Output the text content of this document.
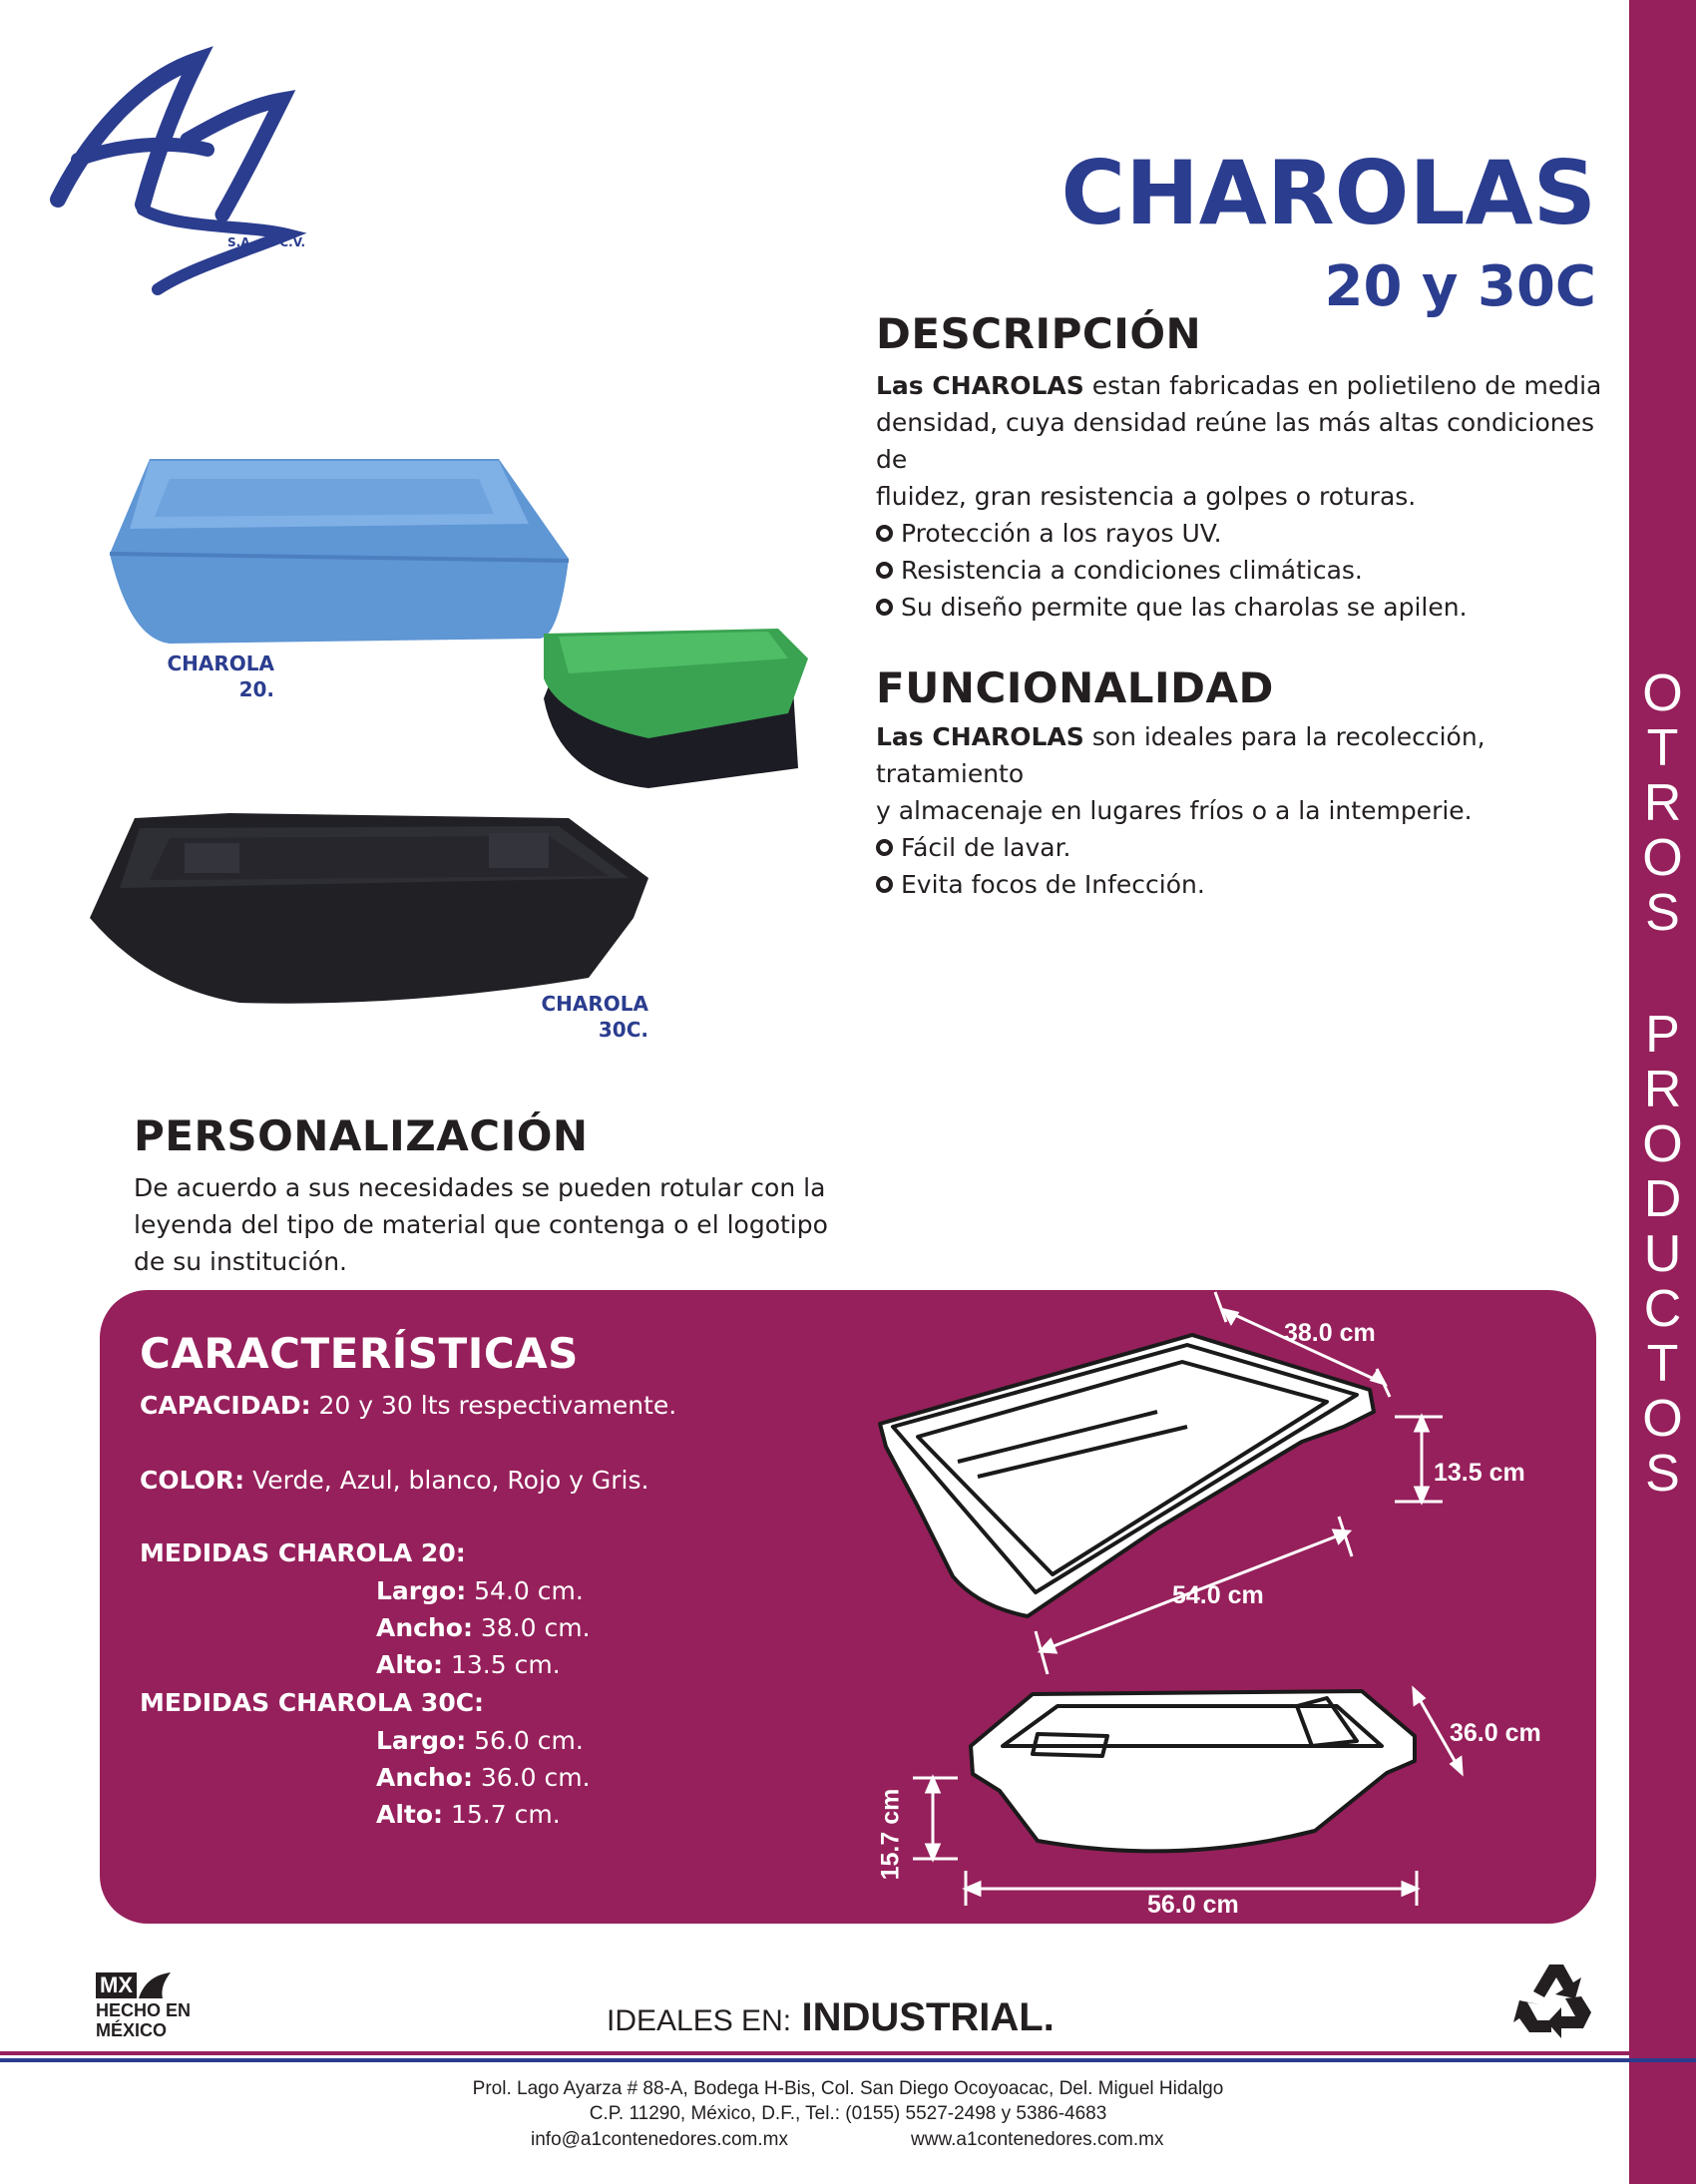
O
T
R
O
S
P
R
O
D
U
C
T
O
S
S.A. de C.V.	CHAROLAS
20 y 30C
DESCRIPCIÓN
Las CHAROLAS estan fabricadas en polietileno de media
densidad, cuya densidad reúne las más altas condiciones de
fluidez, gran resistencia a golpes o roturas.
Protección a los rayos UV.
Resistencia a condiciones climáticas.
Su diseño permite que las charolas se apilen.
FUNCIONALIDAD
Las CHAROLAS son ideales para la recolección, tratamiento
y almacenaje en lugares fríos o a la intemperie.
Fácil de lavar.
Evita focos de Infección.
CHAROLA
20.
CHAROLA
30C.
PERSONALIZACIÓN
De acuerdo a sus necesidades se pueden rotular con la
leyenda del tipo de material que contenga o el logotipo
de su institución.
CARACTERÍSTICAS
CAPACIDAD: 20 y 30 lts respectivamente.
COLOR: Verde, Azul, blanco, Rojo y Gris.
MEDIDAS CHAROLA 20:
Largo: 54.0 cm.
Ancho: 38.0 cm.
Alto: 13.5 cm.
MEDIDAS CHAROLA 30C:
Largo: 56.0 cm.
Ancho: 36.0 cm.
Alto: 15.7 cm.
38.0 cm
13.5 cm
54.0 cm
36.0 cm
15.7 cm
56.0 cm
MX
HECHO EN
MÉXICO	IDEALES EN: INDUSTRIAL.
Prol. Lago Ayarza # 88-A, Bodega H-Bis, Col. San Diego Ocoyoacac, Del. Miguel Hidalgo
C.P. 11290, México, D.F., Tel.: (0155) 5527-2498 y 5386-4683
info@a1contenedores.com.mx	www.a1contenedores.com.mx
